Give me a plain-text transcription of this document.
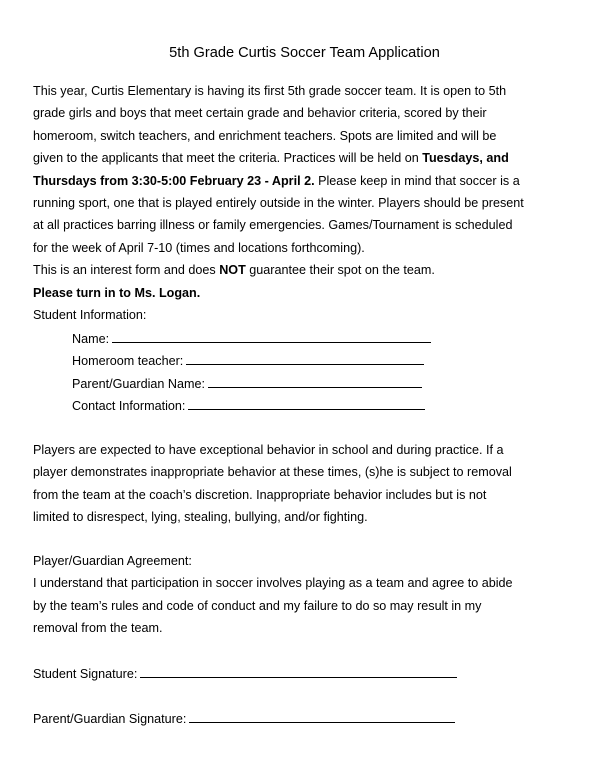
5th Grade Curtis Soccer Team Application
This year, Curtis Elementary is having its first 5th grade soccer team. It is open to 5th
grade girls and boys that meet certain grade and behavior criteria, scored by their
homeroom, switch teachers, and enrichment teachers. Spots are limited and will be
given to the applicants that meet the criteria. Practices will be held on Tuesdays, and
Thursdays from 3:30-5:00 February 23 - April 2. Please keep in mind that soccer is a
running sport, one that is played entirely outside in the winter. Players should be present
at all practices barring illness or family emergencies. Games/Tournament is scheduled
for the week of April 7-10 (times and locations forthcoming).
This is an interest form and does NOT guarantee their spot on the team.
Please turn in to Ms. Logan.
Student Information:
Name:
Homeroom teacher:
Parent/Guardian Name:
Contact Information:
Players are expected to have exceptional behavior in school and during practice. If a
player demonstrates inappropriate behavior at these times, (s)he is subject to removal
from the team at the coach’s discretion. Inappropriate behavior includes but is not
limited to disrespect, lying, stealing, bullying, and/or fighting.
Player/Guardian Agreement:
I understand that participation in soccer involves playing as a team and agree to abide
by the team’s rules and code of conduct and my failure to do so may result in my
removal from the team.
Student Signature:
Parent/Guardian Signature:
